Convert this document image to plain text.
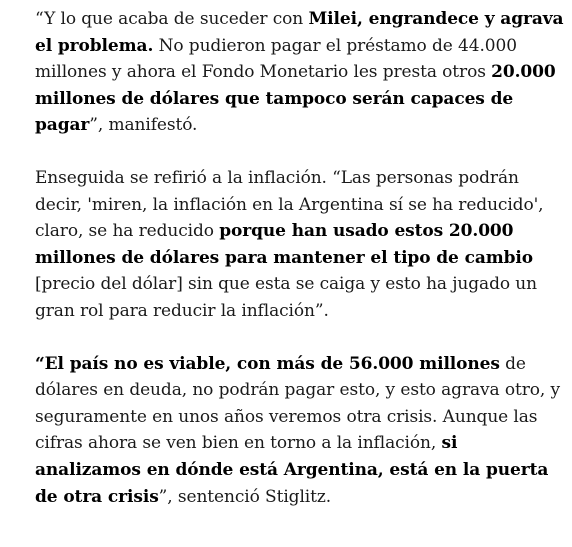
“Y lo que acaba de suceder con Milei, engrandece y agrava el problema. No pudieron pagar el préstamo de 44.000 millones y ahora el Fondo Monetario les presta otros 20.000 millones de dólares que tampoco serán capaces de pagar”, manifestó.

Enseguida se refirió a la inflación. “Las personas podrán decir, 'miren, la inflación en la Argentina sí se ha reducido', claro, se ha reducido porque han usado estos 20.000 millones de dólares para mantener el tipo de cambio [precio del dólar] sin que esta se caiga y esto ha jugado un gran rol para reducir la inflación”.

“El país no es viable, con más de 56.000 millones de dólares en deuda, no podrán pagar esto, y esto agrava otro, y seguramente en unos años veremos otra crisis. Aunque las cifras ahora se ven bien en torno a la inflación, si analizamos en dónde está Argentina, está en la puerta de otra crisis”, sentenció Stiglitz.
